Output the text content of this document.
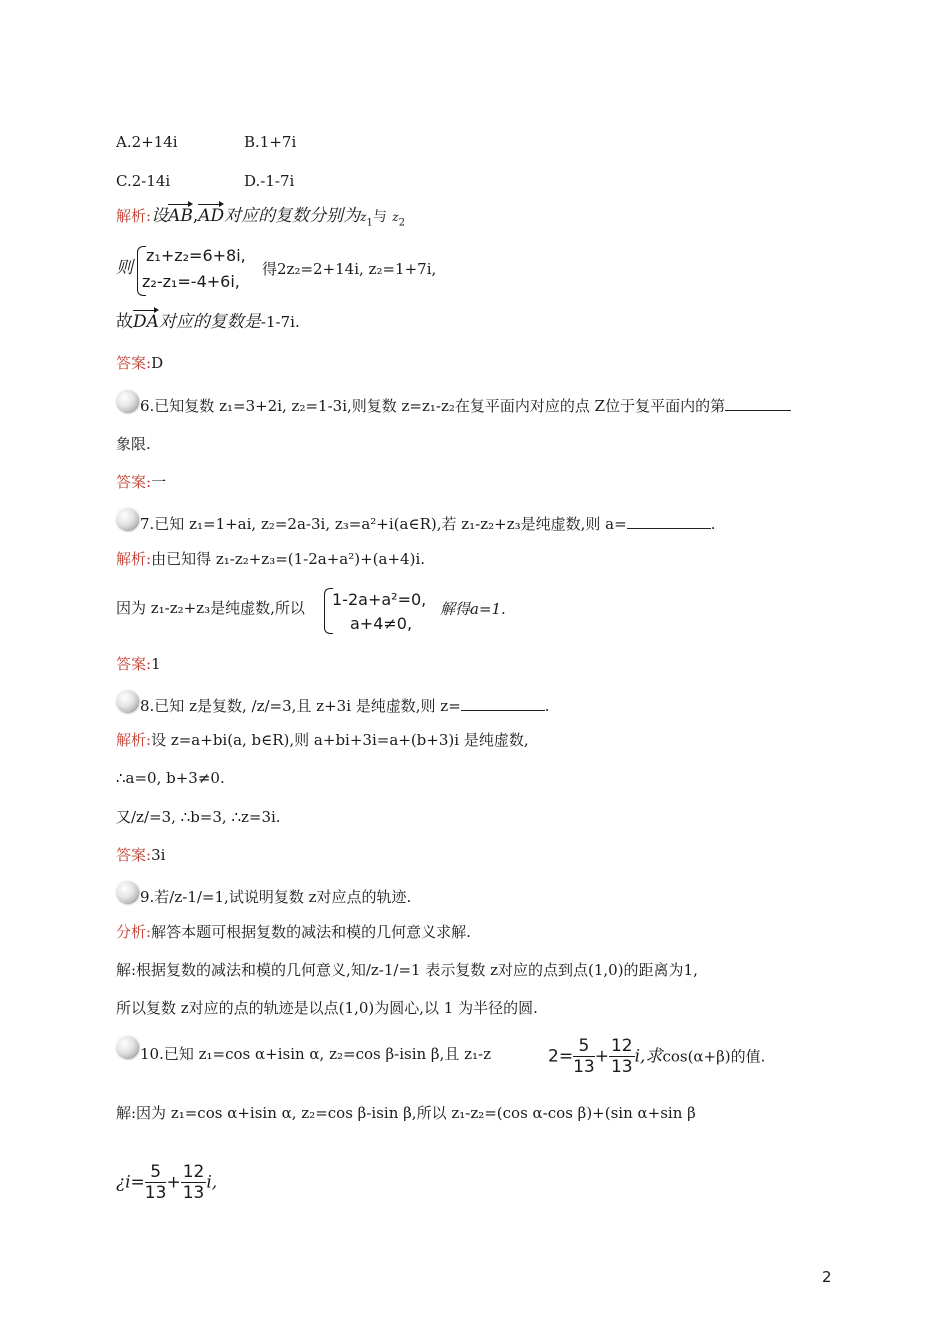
A.2+14i	B.1+7i
C.2-14i	D.-1-7i
解析:设AB,AD对应的复数分别为$z_1$与 $z_2$
则
z₁+z₂=6+8i,
z₂-z₁=-4+6i,
得2z₂=2+14i, z₂=1+7i,
故DA对应的复数是-1-7i.
答案:D
6.已知复数 z₁=3+2i, z₂=1-3i,则复数 z=z₁-z₂在复平面内对应的点 Z位于复平面内的第
象限.
答案:一
7.已知 z₁=1+ai, z₂=2a-3i, z₃=a²+i(a∈R),若 z₁-z₂+z₃是纯虚数,则 a=	.
解析:由已知得 z₁-z₂+z₃=(1-2a+a²)+(a+4)i.
因为 z₁-z₂+z₃是纯虚数,所以 1-2a+a²=0,
a+4≠0,
解得a=1.
答案:1
8.已知 z是复数, /z/=3,且 z+3i 是纯虚数,则 z=	.
解析:设 z=a+bi(a, b∈R),则 a+bi+3i=a+(b+3)i 是纯虚数,
∴a=0, b+3≠0.
又/z/=3, ∴b=3, ∴z=3i.
答案:3i
9.若/z-1/=1,试说明复数 z对应点的轨迹.
分析:解答本题可根据复数的减法和模的几何意义求解.
解:根据复数的减法和模的几何意义,知/z-1/=1 表示复数 z对应的点到点(1,0)的距离为1,
所以复数 z对应的点的轨迹是以点(1,0)为圆心,以 1 为半径的圆.
10.已知 z₁=cos α+isin α, z₂=cos β-isin β,且 z₁-z	$2= \frac{5}{13} + \frac{12}{13} i$,求cos(α+β)的值.
解:因为 z₁=cos α+isin α, z₂=cos β-isin β,所以 z₁-z₂=(cos α-cos β)+(sin α+sin β
¿$i= \frac{5}{13} + \frac{12}{13} i$,
2
